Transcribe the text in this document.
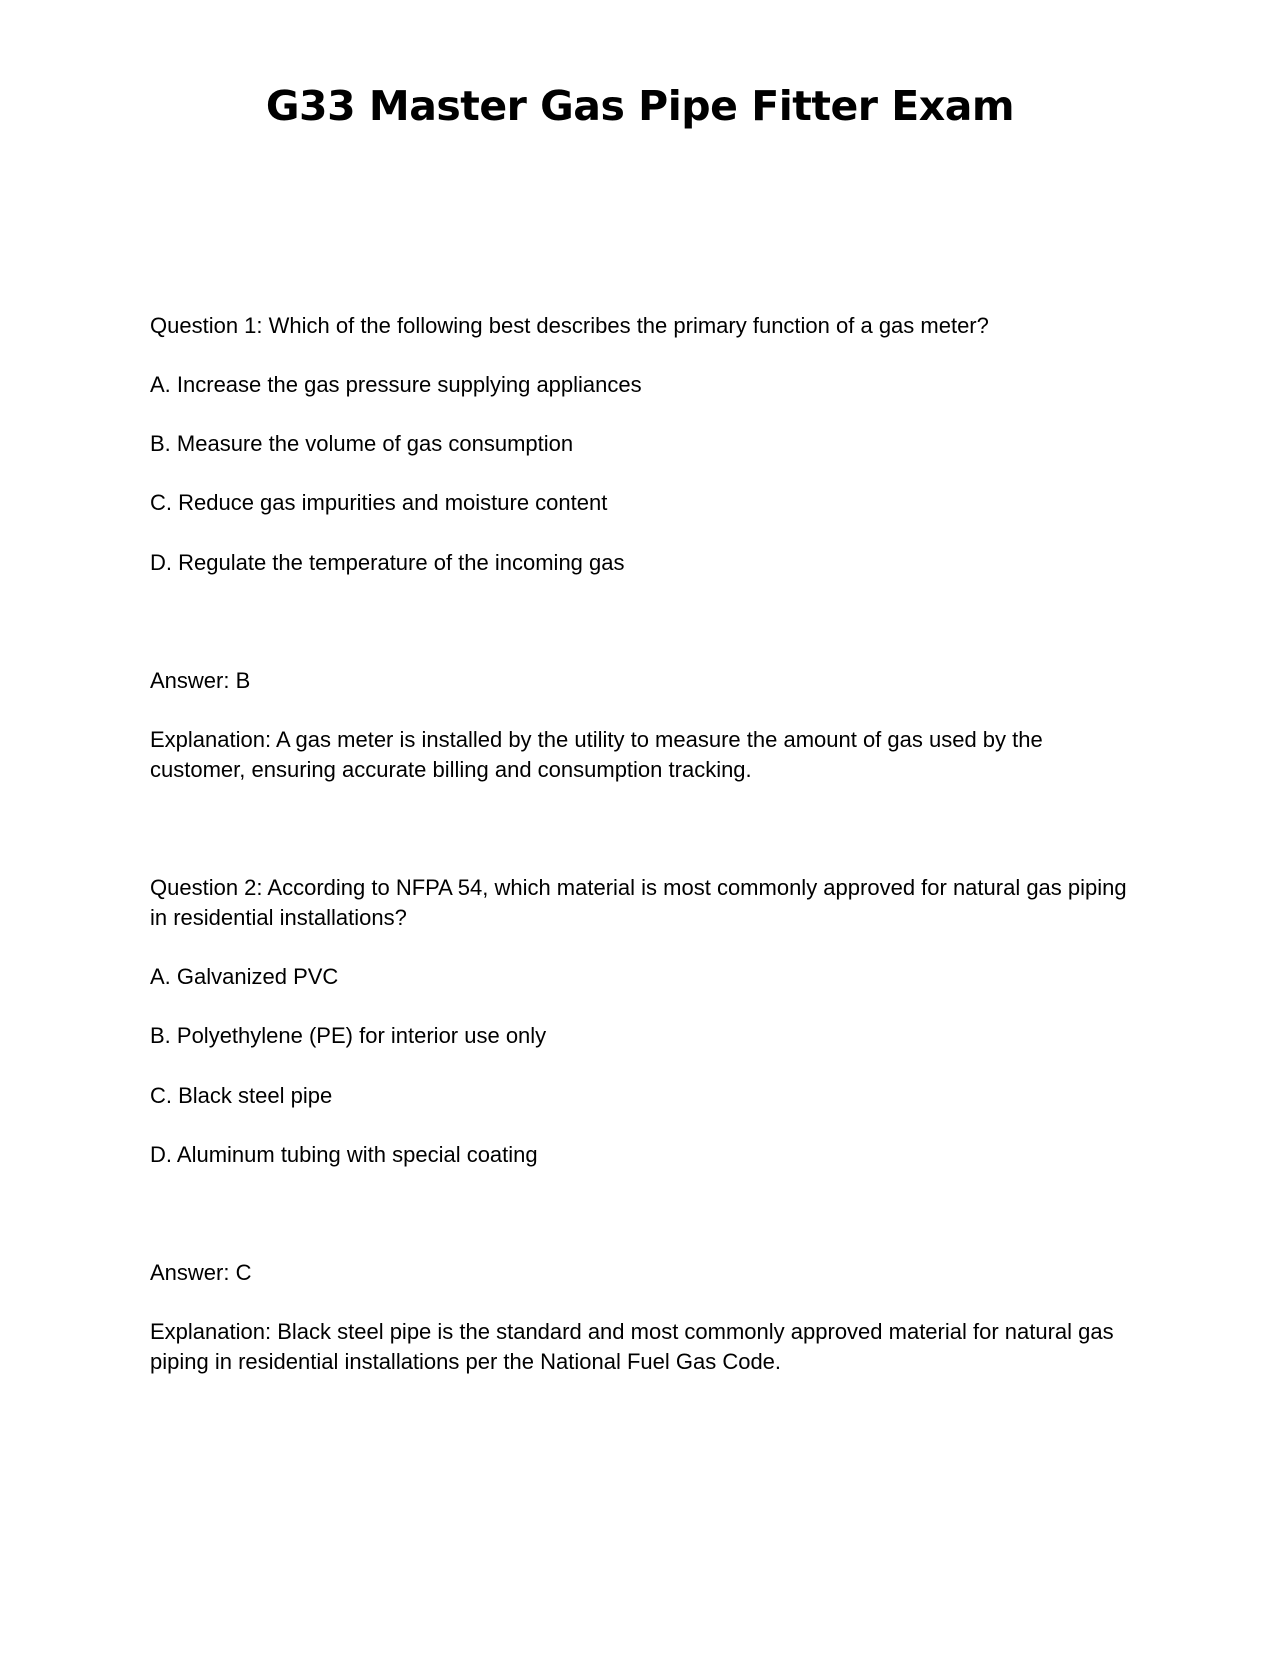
G33 Master Gas Pipe Fitter Exam
Question 1: Which of the following best describes the primary function of a gas meter?
A. Increase the gas pressure supplying appliances
B. Measure the volume of gas consumption
C. Reduce gas impurities and moisture content
D. Regulate the temperature of the incoming gas
Answer: B
Explanation: A gas meter is installed by the utility to measure the amount of gas used by the customer, ensuring accurate billing and consumption tracking.
Question 2: According to NFPA 54, which material is most commonly approved for natural gas piping in residential installations?
A. Galvanized PVC
B. Polyethylene (PE) for interior use only
C. Black steel pipe
D. Aluminum tubing with special coating
Answer: C
Explanation: Black steel pipe is the standard and most commonly approved material for natural gas piping in residential installations per the National Fuel Gas Code.
